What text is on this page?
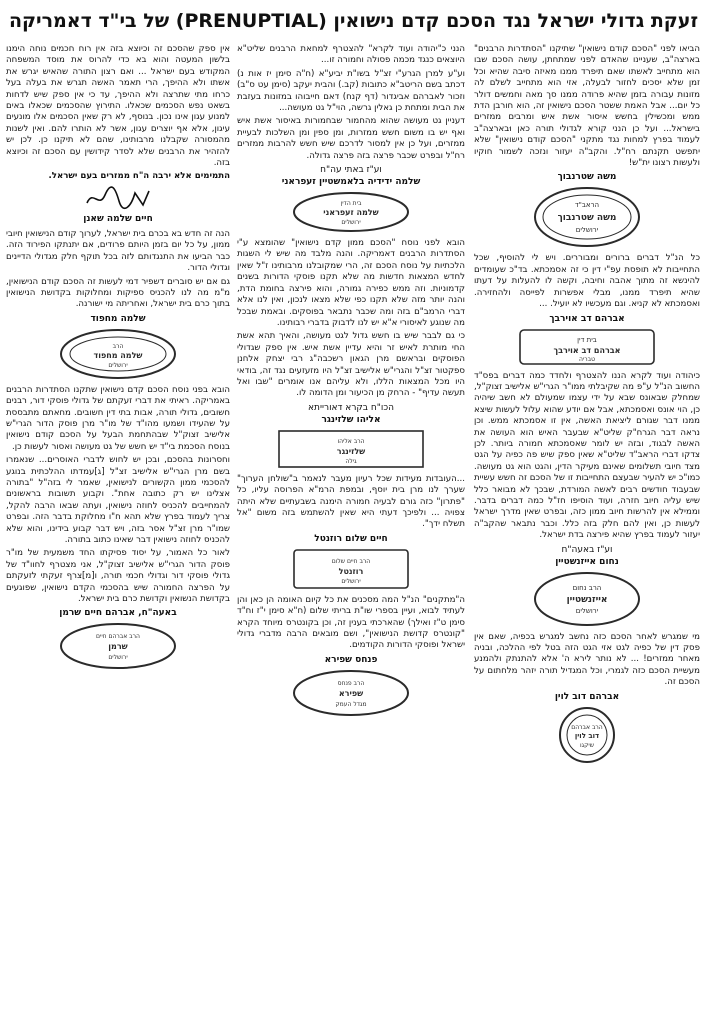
זעקת גדולי ישראל נגד הסכם קדם נישואין (PRENUPTIAL) של בי"ד דאמריקה

הביאו לפני "הסכם קודם נישואין" שתיקנו "הסתדרות הרבנים" בארצה"ב, שעניינו שהאדם לפני שמתחתן, עושה הסכם שבו הוא מתחייב לאשתו שאם תיפרד ממנו מאיזה סיבה שהיא וכל זמן שלא יסכים לחזור לבעלה, אזי הוא מתחייב לשלם לה מזונות עבורה בזמן שהיא פרודה ממנו סך מאה וחמשים דולר כל יום... אבל האמת ששטר הסכם נישואין זה, הוא חורבן הדת ממש ומכשילין בחשש איסור אשת איש ומרבים ממזרים בישראל... ועל כן הנני קורא לגדולי תורה כאן וּבארצה"ב לעמוד בפרץ למחות נגד מתקני "הסכם קודם נישואין" שלא יתפשט תקנתם רח"ל. והקב"ה יעזור ונזכה לשמור חוקיו ולעשות רצונו ית"ש!

משה שטרנבוך
הראב"ד
משה שטרנבוך
ירושלים

כל הנ"ל דברים ברורים ומבוררים. ויש לי להוסיף, שכל התחייבות לא תופסת עפ"י דין כי זה אסמכתא. בד"כ שעומדים להינשא זה מתוך אהבה וחיבה, וקשה לו להעלות על דעתו שהיא תיפרד ממנו, מבלי אפשרות לפייסה ולהחזירה. ואסמכתא לא קניא. וגם מעכשיו לא יועיל. ...

אברהם דב אוירבך
בית דין
אברהם דב אוירבך
טבריה

כיהודה ועוד לקרא הננו להצטרף ולחדד כמה דברים בפס"ד החשוב הנ"ל ע"פ מה שקיבלתי ממו"ר הגרי"ש אלישיב זצוק"ל, שמחלק שבאונס שבא על ידי עצמו שמעולם לא חשב שיהיה כן, הוי אונס ואסמכתא, אבל אם יודע שהוא עלול לעשות שיצא ממנו דבר שגורם ליציאת האשה, אין זו אסמכתא ממש. וכן נראה דבר הגרח"ק שליט"א שבעבר האיש הוא העושה את האשה לבגוד, ובזה יש לומר שאסמכתא חמורה ביותר. לכן צדקו דברי הראב"ד שליט"א שאין ספק שיש פה כפיה על הגט מצד חיובי תשלומים שאינם מעיקר הדין, והגט הוא גט מעושה. כמו"כ יש להעיר שבעצם התחייבות זו של הסכם זה חשש עשיית שבעבוד חודשים רבים לאשה המורדת, שבכך לא מבואר כלל שיש עליה חיוב חזרה, ועוד הוסיפו חז"ל כמה דברים בדבר. וממילא אין להרשות חיוב ממון כזה, ובפרט שאין מדרך ישראל לעשות כן, ואין להם חלק בזה כלל. וכבר נתבאר שהקב"ה יעזור לעמוד בפרץ שהיא פירצה בדת ישראל.

וע"ז באעה"ח
נחום אייזנשטיין
הרב נחום
אייזנשטיין
ירושלים

מי שמגרש לאחר הסכם כזה נחשב למגרש בכפיה, שאם אין פסק דין של כפיה לגט אזי הגט הזה בטל לפי ההלכה, ובניה מאחר ממזרים! ... לא נותר לירא ה' אלא להתנתק ולהמנע מעשיית הסכם כזה לגמרי, וכל המגדיל תורה יזהר מלחתום על הסכם זה.

אברהם דוב לוין
הרב אברהם
דוב לוין
שיקגו

הנני כ"יהודה ועוד לקרא" להצטרף למחאת הרבנים שליט"א היוצאים כנגד מכמה פסולה וחמורה זו...

וע"ע למרן הגרע"י זצ"ל בשו"ת יביע"א (ח"ה סימן יז אות נ) דכתב בשם הריטב"א כתובות (קב.) והבית יעקב (סימן עט ס"ב) וזכור לאברהם אביגדור (דף קנח) דאם חייבוהו במזונות בעזבת את הבית ומתחת כן גאלין גרשה, הוי"ל גט מעושה...

דעניין גט מעושה שהוא מהחמור שבחמורות באיסור אשת איש ואף יש בו משום חשש ממזרות, ומן ספין ומן השלכות לבעיית ממזרים, ועל כן אין למסור לדרכם שיש חשש להרבות ממזרים רח"ל ובפרט שכבר פרצה בזה פרצה גדולה.

וע"ז באתי עה"ח
שלמה ידידיה בלאמשטיין זעפראני
בית הדין
שלמה זעפראני
ירושלים

הובא לפני נוסח "הסכם ממון קדם נישואין" שהומצא ע"י הסתדרות הרבנים דאמריקה. והנה מלבד מה שיש לי השגות הלכתיות על נוסח הסכם זה, הרי שמקובלנו מרבותינו ז"ל שאין לחדש המצאות חדשות מה שלא תקנו פוסקי הדורות בשנים קדמוניות. וזה ממש כפירה גמורה, והוא פירצה בחומת הדת, והנה יותר מזה שלא תקנו כפי שלא מצאו לנכון, ואין לנו אלא דברי הרמב"ם בזה ומה שכבר נתבאר בפוסקים. ובאמת שבכל מה שנוגע לאיסורי א"א יש לנו לדבוק בדברי רבותינו.

כי גם לבבר שיש בו חשש גדול לגט מעושה, והאיך תהא אשת החי מותרת לאיש זר והיא עדיין אשת איש. אין ספק שגדולי הפוסקים ובראשם מרן הגאון רשכבה"ג רבי יצחק אלחנן ספקטור זצ"ל והגרי"ש אלישיב זצ"ל היו מזעזעים נגד זה, בודאי היו מכל המצאות הללו, ולא עליהם אנו אומרים "שבו ואל תעשה עדיף" - הרחק מן הכיעור ומן הדומה לו.

הכו"ח בקרא דאורייתא
אליהו שלזינגר
הרב אליהו
שלזינגר
גילה

...העובדות מעידות שכל רעיון מעבר לנאמר ב"שולחן הערוך" שערך לנו מרן בית יוסף, ובמפת הרמ"א הפרוסה עליו, כל "פתרון" כזה גורם לבעיה חמורה הימנה בשבעתיים שלא היתה צפויה ... ולפיכך דעתי היא שאין להשתמש בזה משום "אל תשלח ידך".

חיים שלום רוזנטל
הרב חיים שלום
רוזנטל
ירושלים

ה"מתקנים" הנ"ל המה מסכנים את כל קיום האומה הן כאן והן לעתיד לבוא, ועיין בספרי שו"ת בריתי שלום (ח"א סימן י"ז וח"ד סימן ט"ז ואילך) שהארכתי בענין זה, וכן בקונטרס מיוחד הקרא "קונטרס קדושת הנישואין", ושם מובאים הרבה מדברי גדולי ישראל ופוסקי הדורות הקודמים.

פנחס שפירא
הרב פנחס
שפירא
מגדל העמק

אין ספק שהסכם זה וכיוצא בזה אין רוח חכמים נוחה הימנו בלשון המעטה והוא בא כדי להרוס את מוסד המשפחה המקודש בעם ישראל ... ואם רצון התורה שהאיש יגרש את אשתו ולא ההיפך, הרי תאמר האשה תגרש את בעלה בעל כרחו מתי שתרצה ולא ההיפך, עד כי אין ספק שיש לדחות בשאט נפש הסכמים שכאלו. התירוץ שהסכמים שכאלו באים למנוע עגון אינו נכון. בנוסף, לא רק שאין הסכמים אלו מונעים עיגון, אלא אף יוצרים עגון, אשר לא הותרו להם. ואין לשנות מהמסורה שקבלנו מרבותינו, שהם לא תיקנו כן. לכן יש להזהיר את הרבנים שלא לסדר קידושין עם הסכם זה וכיוצא בזה.

התמימים אלא ירבה ה"ח ממזרים בעם ישראל.

חיים שלמה שאנן

הנה זה חדש בא בכרם בית ישראל, לערוך קודם הנישואין חיובי ממון, על כל יום בזמן היותם פרודים, אם יתנתקו הפירוד הזה. כבר הביעו את התנגדותם לזה בכל תוקף חלק מגדולי הדיינים וגדולי הדור.

גם אם יש סוברים דשפיר דמי לעשות זה הסכם קודם הנישואין, מ"מ מה לנו להכניס ספיקות ומחלוקות בקדושת הנישואין בתוך כרם בית ישראל, ואחריתה מי ישורנה.

שלמה מחפוד
הרב
שלמה מחפוד
ירושלים

הובא בפני נוסח הסכם קדם נישואין שתקנו הסתדרות הרבנים באמריקה. ראיתי את דברי זעקתם של גדולי פוסקי דור, רבנים חשובים, גדולי תורה, אבות בתי דין חשובים. מחאתם מתבססת על שהעידו ושמעו מהו"ד של מו"ר מרן פוסק הדור הגרי"ש אלישיב זצוק"ל שבהתחמת הבעל על הסכם קודם נישואין בנוסח הסכמת בי"ד יש חשש של גט מעושה ואסור לעשות כן.

וחסרונות בהסכם, ובכן יש לחוש לדברי האוסרים... שנאמרו בשם מרן הגרי"ש אלישיב זצ"ל [ג]עמדתו ההלכתית בנוגע להסכמי ממון הקשורים לנישואין, שאמר לי בזה"ל "בתורה אצלינו יש רק כתובה אחת". וקבוע תשובות בראשונים להמחייבים להכניס לחוזה נישואין, ועתה שבאו הרבה להקל, צריך לעמוד בפרץ שלא תהא ח"ו מחלוקת בדבר הזה. ובפרט שמו"ר מרן זצ"ל אסר בזה, ויש דבר קבוע בידינו, והוא שלא להכניס לחוזה נישואין דבר שאינו כתוב בתורה.

לאור כל האמור, על יסוד פסיקתו החד משמעית של מו"ר פוסק הדור הגרי"ש אלישיב זצוק"ל, אני מצטרף לחוו"ד של גדולי פוסקי דור וגדולי חכמי תורה, ו[מ]צרף זעקתי לזעקתם על הפרצה החמורה שיש בהסכמי הקדם נישואין, שפוגעים בקדושת הנשואין וקדושת כרם בית ישראל.

באעה"ח, אברהם חיים שרמן
הרב אברהם חיים
שרמן
ירושלים
